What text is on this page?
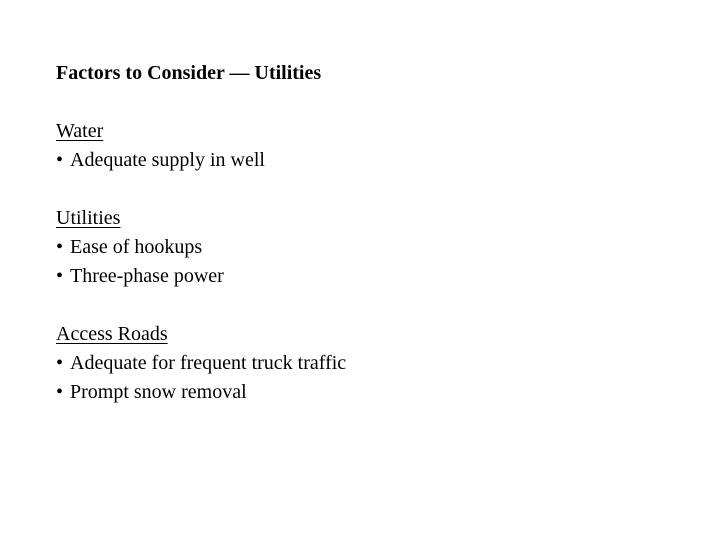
Factors to Consider — Utilities

Water
• Adequate supply in well
Utilities
• Ease of hookups
• Three-phase power
Access Roads
• Adequate for frequent truck traffic
• Prompt snow removal
